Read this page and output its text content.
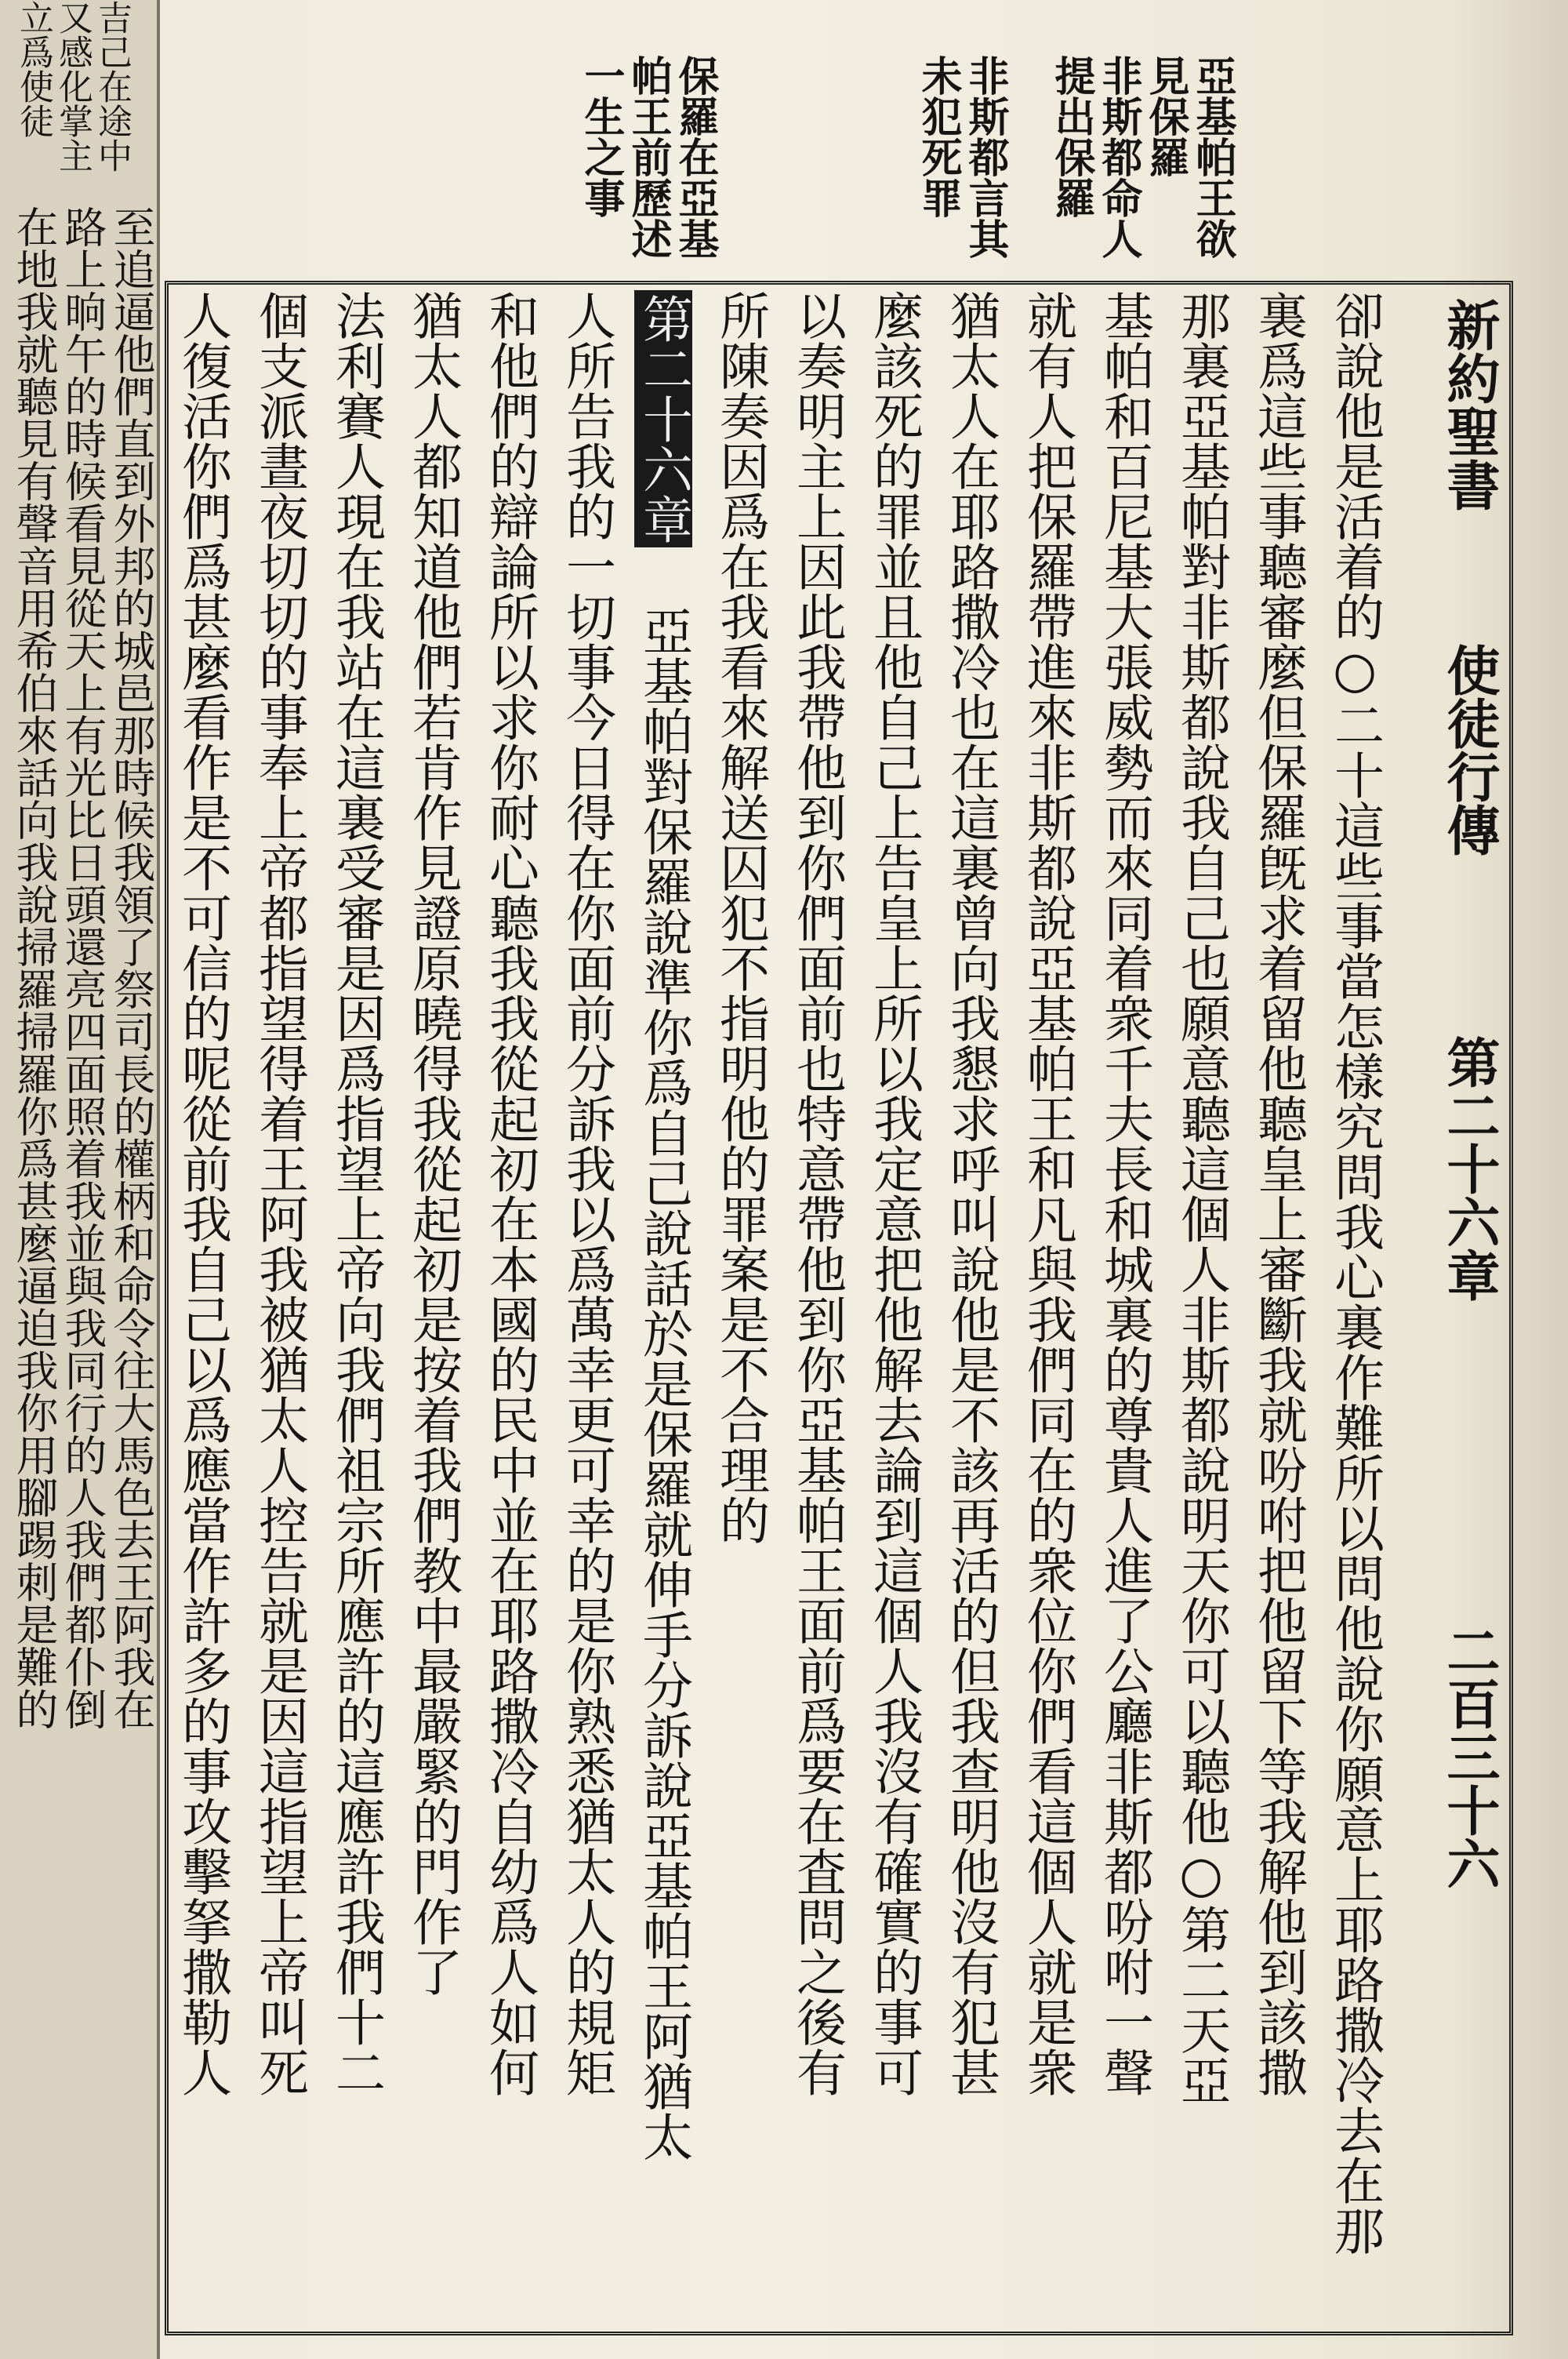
吉己在途中
又感化掌主
立爲使徒
至追逼他們直到外邦的城邑那時候我領了祭司長的權柄和命令往大馬色去王阿我在
路上晌午的時候看見從天上有光比日頭還亮四面照着我並與我同行的人我們都仆倒
在地我就聽見有聲音用希伯來話向我說掃羅掃羅你爲甚麼逼迫我你用腳踢刺是難的
亞基帕王欲
見保羅
非斯都命人
提出保羅
非斯都言其
未犯死罪
保羅在亞基
帕王前歷述
一生之事
新約聖書
使徒行傳
第二十六章
二百三十六
卻說他是活着的○二十這些事當怎樣究問我心裏作難所以問他說你願意上耶路撒冷去在那
裏爲這些事聽審麼但保羅旣求着留他聽皇上審斷我就吩咐把他留下等我解他到該撒
那裏亞基帕對非斯都說我自己也願意聽這個人非斯都說明天你可以聽他○第二天亞
基帕和百尼基大張威勢而來同着衆千夫長和城裏的尊貴人進了公廳非斯都吩咐一聲
就有人把保羅帶進來非斯都說亞基帕王和凡與我們同在的衆位你們看這個人就是衆
猶太人在耶路撒冷也在這裏曾向我懇求呼叫說他是不該再活的但我查明他沒有犯甚
麼該死的罪並且他自己上告皇上所以我定意把他解去論到這個人我沒有確實的事可
以奏明主上因此我帶他到你們面前也特意帶他到你亞基帕王面前爲要在査問之後有
所陳奏因爲在我看來解送囚犯不指明他的罪案是不合理的
第二十六章 亞基帕對保羅說準你爲自己說話於是保羅就伸手分訴說亞基帕王阿猶太
人所告我的一切事今日得在你面前分訴我以爲萬幸更可幸的是你熟悉猶太人的規矩
和他們的辯論所以求你耐心聽我我從起初在本國的民中並在耶路撒冷自幼爲人如何
猶太人都知道他們若肯作見證原曉得我從起初是按着我們教中最嚴緊的門作了
法利賽人現在我站在這裏受審是因爲指望上帝向我們祖宗所應許的這應許我們十二
個支派晝夜切切的事奉上帝都指望得着王阿我被猶太人控告就是因這指望上帝叫死
人復活你們爲甚麼看作是不可信的呢從前我自己以爲應當作許多的事攻擊拏撒勒人
